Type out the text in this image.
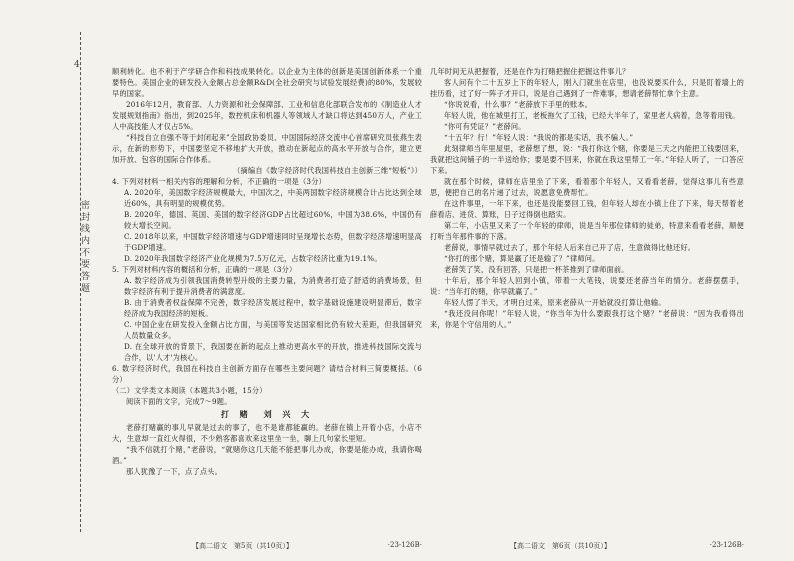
4
密 封 线 内 不 要 答 题

顺利转化。也不利于产学研合作和科技成果转化。以企业为主体的创新是美国创新体系一个重要特色。美国企业的研发投入金额占总金额R&D(全社会研究与试验发展经费)的80%，发展较早的国家。

2016年12月，教育部、人力资源和社会保障部、工业和信息化部联合发布的《制造业人才发展规划指南》指出，到2025年，数控机床和机器人等领域人才缺口将达到450万人，产业工人中高技能人才仅占5%。

“科技自立自强不等于封闭起来”全国政协委员、中国国际经济交流中心首席研究员张燕生表示，在新的形势下，中国要坚定不移地扩大开放，推动在新起点的高水平开放与合作，建立更加开放、包容的国际合作体系。

（摘编自《数字经济时代我国科技自主创新三维“短板”》）

4. 下列对材料一相关内容的理解和分析，不正确的一项是（3分）

A. 2020年，美国数字经济规模最大，中国次之，中美两国数字经济规模合计占比达到全球近60%，具有明显的规模优势。

B. 2020年，德国、英国、美国的数字经济GDP占比超过60%，中国为38.6%，中国仍有较大增长空间。

C. 2018年以来，中国数字经济增速与GDP增速同时呈现增长态势，但数字经济增速明显高于GDP增速。

D. 2020年我国数字经济产业化规模为7.5万亿元，占数字经济比重为19.1%。

5. 下列对材料内容的概括和分析，正确的一项是（3分）

A. 数字经济成为引领我国消费转型升级的主要力量，为消费者打造了舒适的消费场景，但数字经济有利于提升消费者的满意度。

B. 由于消费者权益保障不完善，数字经济发展过程中，数字基础设施建设明显滞后，数字经济成为我国经济的短板。

C. 中国企业在研发投入金额占比方面，与美国等发达国家相比仍有较大差距，但我国研究人员数量众多。

D. 在全球开放的背景下，我国要在新的起点上推动更高水平的开放，推进科技国际交流与合作，以'人才'为核心。

6. 数字经济时代，我国在科技自主创新方面存在哪些主要问题？请结合材料三简要概括。（6分）

（二）文学类文本阅读（本题共3小题，15分）

阅读下面的文字，完成7～9题。

打 赌　刘 兴 大

老薛打赌赢的事儿早就是过去的事了，也不是谁都能赢的。老薛在镇上开着小店，小店不大，生意却一直红火得很，不少熟客都喜欢来这里坐一坐，聊上几句家长里短。

“我不信就打个赌，”老薛说，“就赌你这几天能不能把事儿办成，你要是能办成，我请你喝酒。”

那人犹豫了一下，点了点头。

几年时间无从把握着，还是在作为打赌把握住把握这件事儿？

客人问有个二十五岁上下的年轻人，刚入门就坐在店里，也没说要买什么，只是盯着墙上的挂历看，过了好一阵子才开口，说是自己遇到了一件难事，想请老薛帮忙拿个主意。

“你说说看，什么事？”老薛放下手里的账本。

年轻人说，他在城里打工，老板拖欠了工钱，已经大半年了，家里老人病着，急等着用钱。

“你可有凭证？”老薛问。

“十五年？行！”年轻人说：“我说的都是实话，我不骗人。”

此刻律师当年里屋里，老薛想了想，说：“我打你这个赌，你要是三天之内能把工钱要回来，我就把这间铺子的一半送给你；要是要不回来，你就在我这里帮工一年。”年轻人听了，一口答应下来。

就在那个时候，律师在店里坐了下来，看着那个年轻人，又看看老薛，觉得这事儿有些意思，便把自己的名片递了过去，说愿意免费帮忙。

在这件事里，一年下来，也还是没能要回工钱，但年轻人却在小镇上住了下来，每天帮着老薛看店、进货、算账，日子过得倒也踏实。

第二年，小店里又来了一个年轻的律师，说是当年那位律师的徒弟，特意来看看老薛，顺便打听当年那件事的下落。

老薛说，事情早就过去了，那个年轻人后来自己开了店，生意做得比他还好。

“你打的那个赌，算是赢了还是输了？”律师问。

老薛笑了笑，没有回答，只是把一杯茶推到了律师面前。

十年后，那个年轻人回到小镇，带着一大笔钱，说要还老薛当年的情分。老薛摆摆手，说：“当年打的赌，你早就赢了。”

年轻人愣了半天，才明白过来，原来老薛从一开始就没打算让他输。

“我还没问你呢！”年轻人说，“你当年为什么要跟我打这个赌？”老薛说：“因为我看得出来，你是个守信用的人。”

【高二语文　第5页（共10页）】	·23-126B·	【高二语文　第6页（共10页）】	·23-126B·
